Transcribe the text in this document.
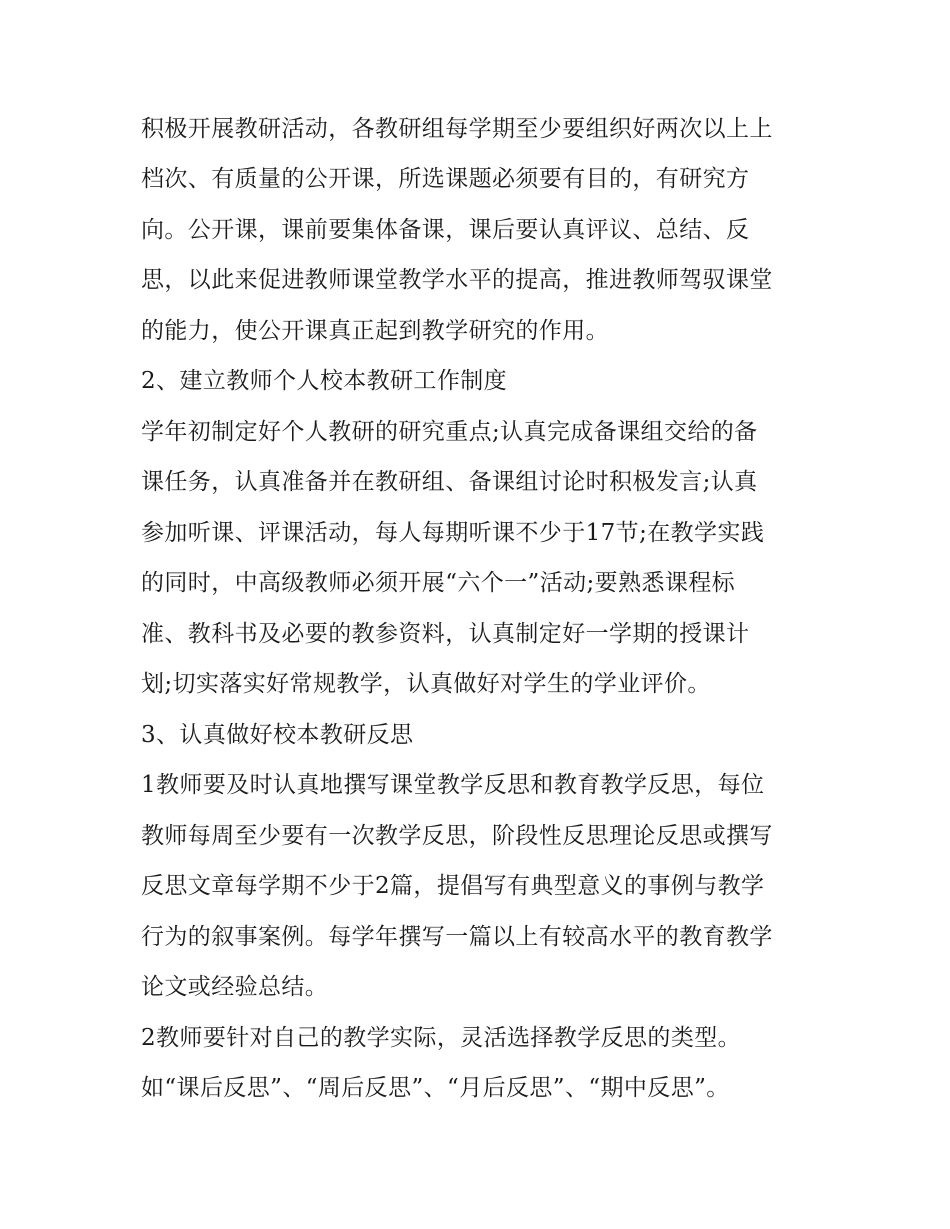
积极开展教研活动，各教研组每学期至少要组织好两次以上上
档次、有质量的公开课，所选课题必须要有目的，有研究方
向。公开课，课前要集体备课，课后要认真评议、总结、反
思，以此来促进教师课堂教学水平的提高，推进教师驾驭课堂
的能力，使公开课真正起到教学研究的作用。
2、建立教师个人校本教研工作制度
学年初制定好个人教研的研究重点;认真完成备课组交给的备
课任务，认真准备并在教研组、备课组讨论时积极发言;认真
参加听课、评课活动，每人每期听课不少于17节;在教学实践
的同时，中高级教师必须开展“六个一”活动;要熟悉课程标
准、教科书及必要的教参资料，认真制定好一学期的授课计
划;切实落实好常规教学，认真做好对学生的学业评价。
3、认真做好校本教研反思
1教师要及时认真地撰写课堂教学反思和教育教学反思，每位
教师每周至少要有一次教学反思，阶段性反思理论反思或撰写
反思文章每学期不少于2篇，提倡写有典型意义的事例与教学
行为的叙事案例。每学年撰写一篇以上有较高水平的教育教学
论文或经验总结。
2教师要针对自己的教学实际，灵活选择教学反思的类型。
如“课后反思”、“周后反思”、“月后反思”、“期中反思”。
